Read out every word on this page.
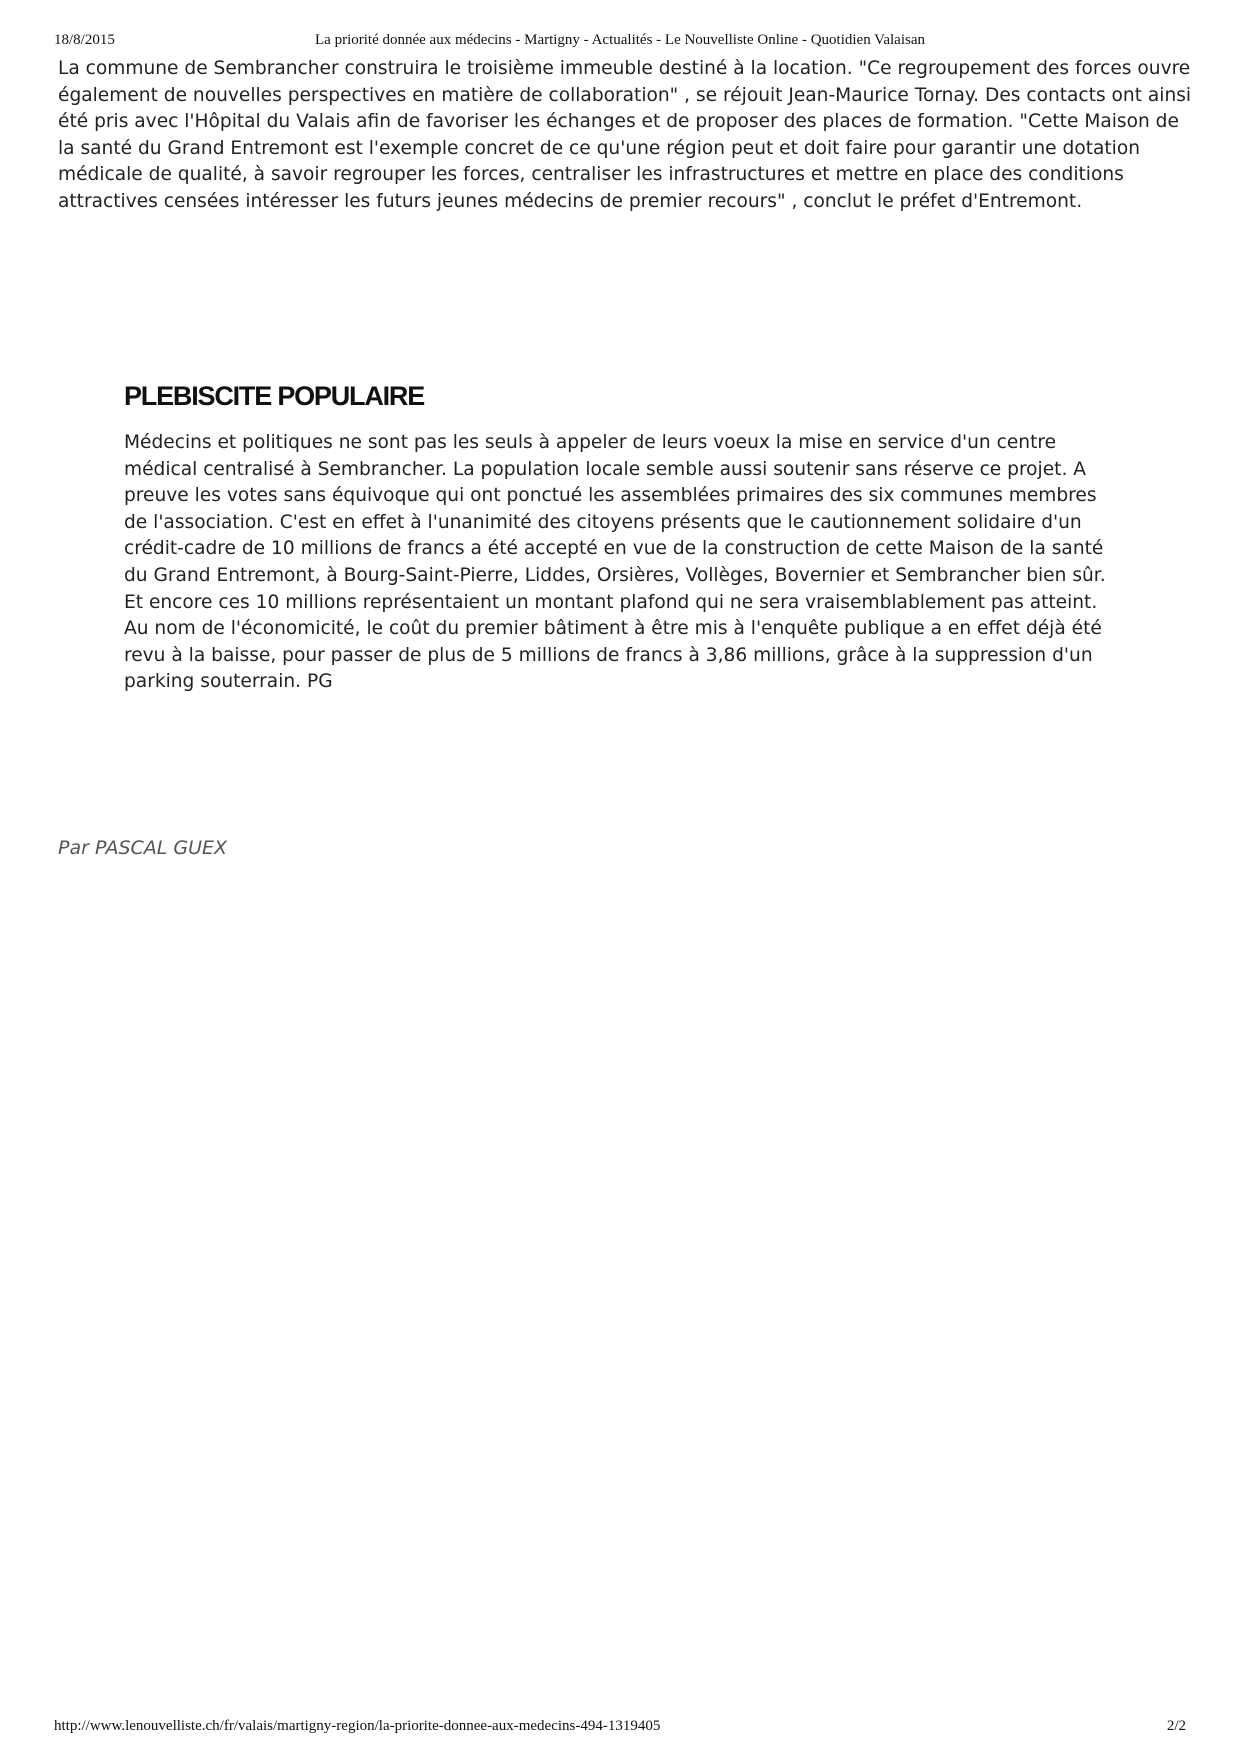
18/8/2015	La priorité donnée aux médecins - Martigny - Actualités - Le Nouvelliste Online - Quotidien Valaisan

La commune de Sembrancher construira le troisième immeuble destiné à la location. "Ce regroupement des forces ouvre également de nouvelles perspectives en matière de collaboration" , se réjouit Jean-Maurice Tornay. Des contacts ont ainsi été pris avec l'Hôpital du Valais afin de favoriser les échanges et de proposer des places de formation. "Cette Maison de la santé du Grand Entremont est l'exemple concret de ce qu'une région peut et doit faire pour garantir une dotation médicale de qualité, à savoir regrouper les forces, centraliser les infrastructures et mettre en place des conditions attractives censées intéresser les futurs jeunes médecins de premier recours" , conclut le préfet d'Entremont.

PLEBISCITE POPULAIRE

Médecins et politiques ne sont pas les seuls à appeler de leurs voeux la mise en service d'un centre médical centralisé à Sembrancher. La population locale semble aussi soutenir sans réserve ce projet. A preuve les votes sans équivoque qui ont ponctué les assemblées primaires des six communes membres de l'association. C'est en effet à l'unanimité des citoyens présents que le cautionnement solidaire d'un crédit-cadre de 10 millions de francs a été accepté en vue de la construction de cette Maison de la santé du Grand Entremont, à Bourg-Saint-Pierre, Liddes, Orsières, Vollèges, Bovernier et Sembrancher bien sûr. Et encore ces 10 millions représentaient un montant plafond qui ne sera vraisemblablement pas atteint. Au nom de l'économicité, le coût du premier bâtiment à être mis à l'enquête publique a en effet déjà été revu à la baisse, pour passer de plus de 5 millions de francs à 3,86 millions, grâce à la suppression d'un parking souterrain. PG

Par PASCAL GUEX

http://www.lenouvelliste.ch/fr/valais/martigny-region/la-priorite-donnee-aux-medecins-494-1319405	2/2
